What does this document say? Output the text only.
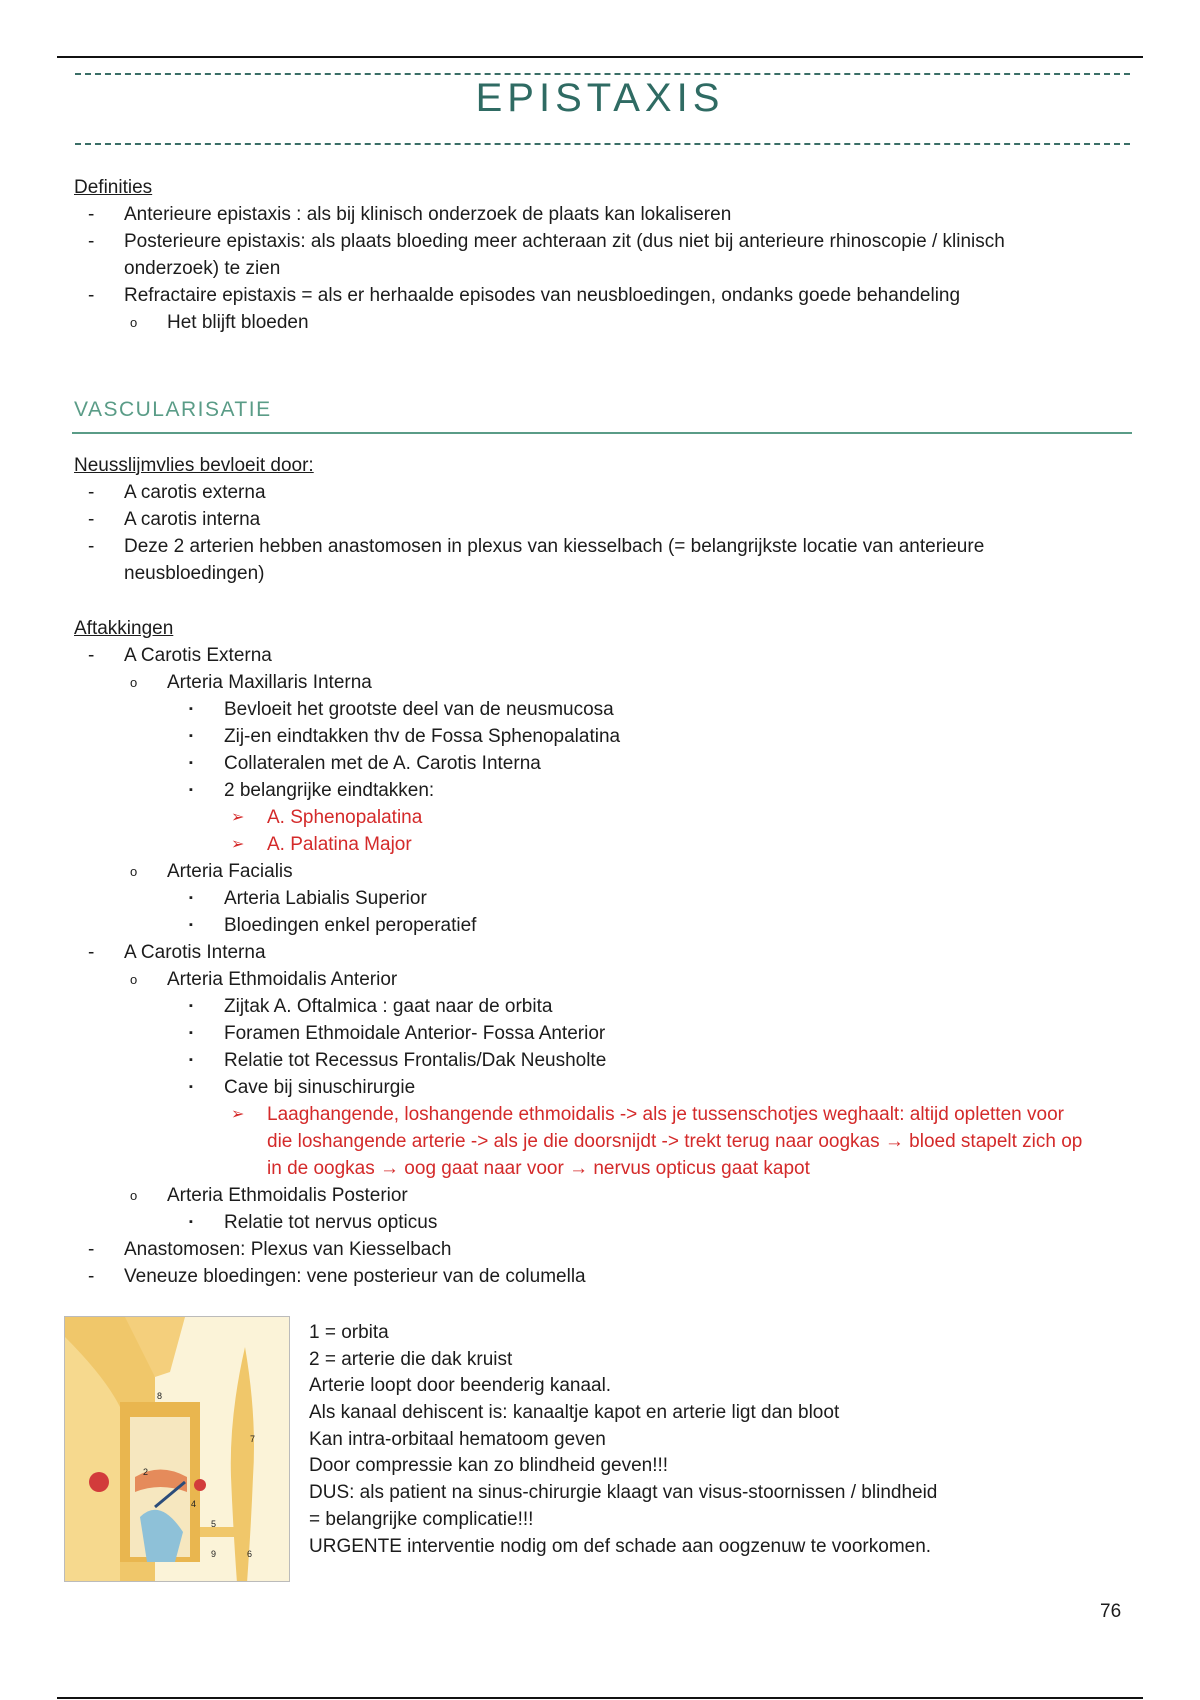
EPISTAXIS
Definities
- Anterieure epistaxis : als bij klinisch onderzoek de plaats kan lokaliseren
- Posterieure epistaxis: als plaats bloeding meer achteraan zit (dus niet bij anterieure rhinoscopie / klinisch
onderzoek) te zien
- Refractaire epistaxis = als er herhaalde episodes van neusbloedingen, ondanks goede behandeling
o Het blijft bloeden
VASCULARISATIE
Neusslijmvlies bevloeit door:
- A carotis externa
- A carotis interna
- Deze 2 arterien hebben anastomosen in plexus van kiesselbach (= belangrijkste locatie van anterieure
neusbloedingen)
Aftakkingen
- A Carotis Externa
o Arteria Maxillaris Interna
▪ Bevloeit het grootste deel van de neusmucosa
▪ Zij-en eindtakken thv de Fossa Sphenopalatina
▪ Collateralen met de A. Carotis Interna
▪ 2 belangrijke eindtakken:
➢ A. Sphenopalatina
➢ A. Palatina Major
o Arteria Facialis
▪ Arteria Labialis Superior
▪ Bloedingen enkel peroperatief
- A Carotis Interna
o Arteria Ethmoidalis Anterior
▪ Zijtak A. Oftalmica : gaat naar de orbita
▪ Foramen Ethmoidale Anterior- Fossa Anterior
▪ Relatie tot Recessus Frontalis/Dak Neusholte
▪ Cave bij sinuschirurgie
➢ Laaghangende, loshangende ethmoidalis -> als je tussenschotjes weghaalt: altijd opletten voor
die loshangende arterie -> als je die doorsnijdt -> trekt terug naar oogkas → bloed stapelt zich op
in de oogkas → oog gaat naar voor → nervus opticus gaat kapot
o Arteria Ethmoidalis Posterior
▪ Relatie tot nervus opticus
- Anastomosen: Plexus van Kiesselbach
- Veneuze bloedingen: vene posterieur van de columella
8
7
2
4
5
9	6
1 = orbita
2 = arterie die dak kruist
Arterie loopt door beenderig kanaal.
Als kanaal dehiscent is: kanaaltje kapot en arterie ligt dan bloot
Kan intra-orbitaal hematoom geven
Door compressie kan zo blindheid geven!!!
DUS: als patient na sinus-chirurgie klaagt van visus-stoornissen / blindheid
= belangrijke complicatie!!!
URGENTE interventie nodig om def schade aan oogzenuw te voorkomen.
76
